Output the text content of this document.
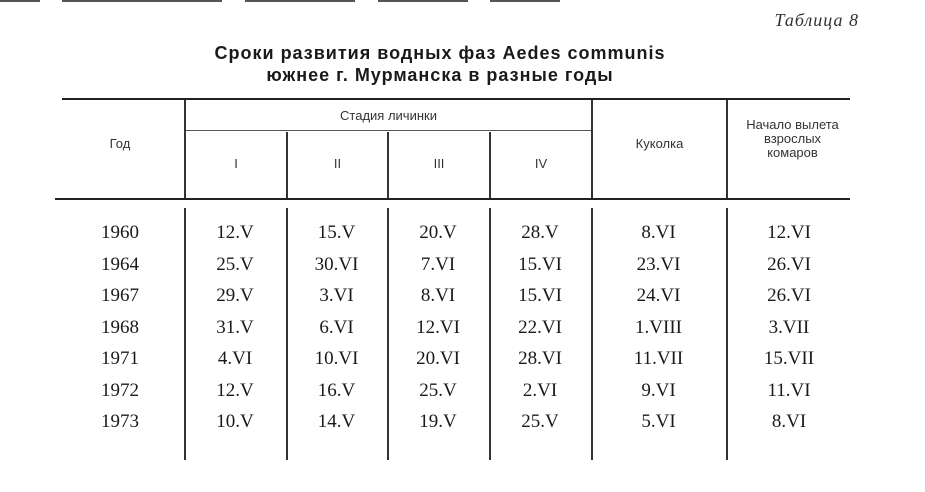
Таблица 8
Сроки развития водных фаз Aedes communis
южнее г. Мурманска в разные годы
Год
Стадия личинки
I	II	III	IV
Куколка
Начало вылета взрослых комаров
1960	12.V	15.V	20.V	28.V	8.VI	12.VI
1964	25.V	30.VI	7.VI	15.VI	23.VI	26.VI
1967	29.V	3.VI	8.VI	15.VI	24.VI	26.VI
1968	31.V	6.VI	12.VI	22.VI	1.VIII	3.VII
1971	4.VI	10.VI	20.VI	28.VI	11.VII	15.VII
1972	12.V	16.V	25.V	2.VI	9.VI	11.VI
1973	10.V	14.V	19.V	25.V	5.VI	8.VI
